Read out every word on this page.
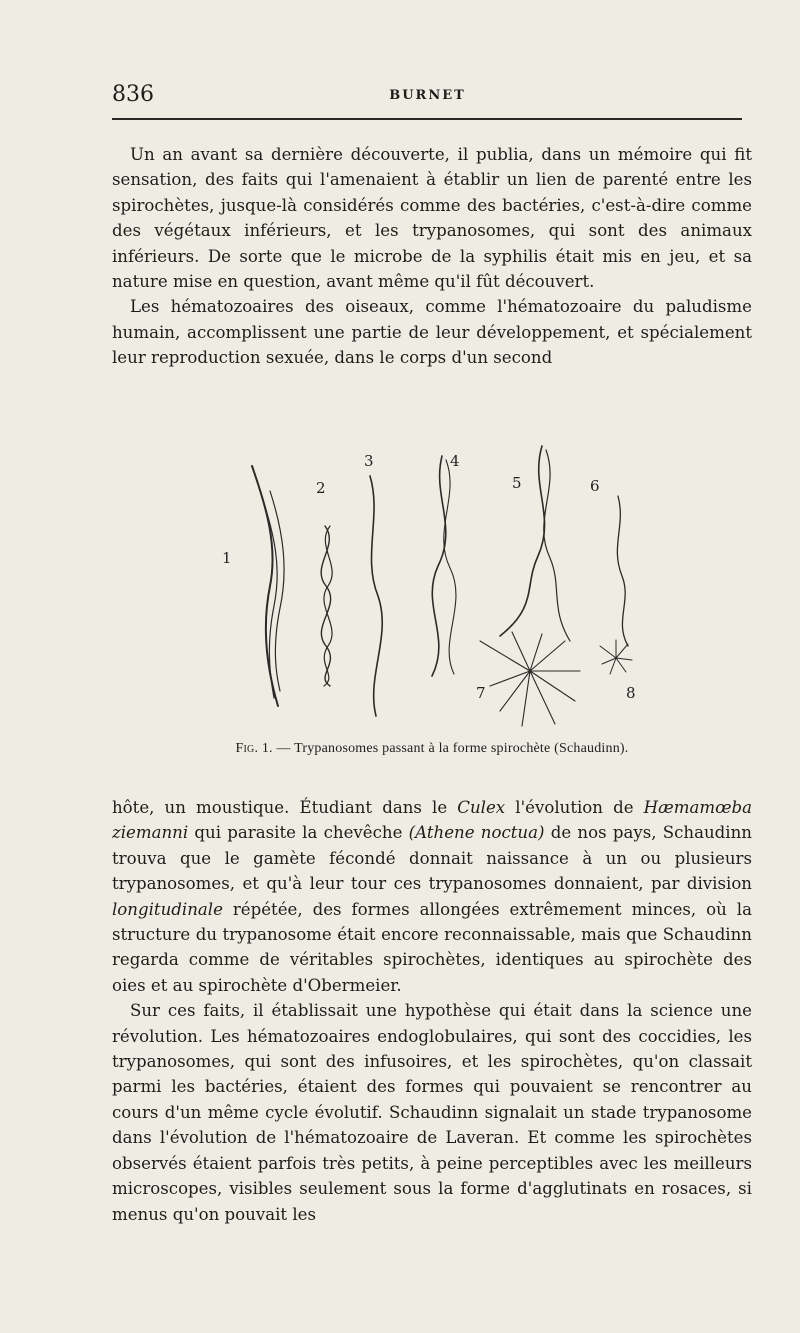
836	BURNET

Un an avant sa dernière découverte, il publia, dans un mémoire qui fit sensation, des faits qui l'amenaient à établir un lien de parenté entre les spirochètes, jusque-là considérés comme des bactéries, c'est-à-dire comme des végétaux inférieurs, et les trypanosomes, qui sont des animaux inférieurs. De sorte que le microbe de la syphilis était mis en jeu, et sa nature mise en question, avant même qu'il fût découvert.

Les hématozoaires des oiseaux, comme l'hématozoaire du paludisme humain, accomplissent une partie de leur développement, et spécialement leur reproduction sexuée, dans le corps d'un second

1
2
3	4
5	6
7	8
Fig. 1. — Trypanosomes passant à la forme spirochète (Schaudinn).

hôte, un moustique. Étudiant dans le Culex l'évolution de Hæmamœba ziemanni qui parasite la chevêche (Athene noctua) de nos pays, Schaudinn trouva que le gamète fécondé donnait naissance à un ou plusieurs trypanosomes, et qu'à leur tour ces trypanosomes donnaient, par division longitudinale répétée, des formes allongées extrêmement minces, où la structure du trypanosome était encore reconnaissable, mais que Schaudinn regarda comme de véritables spirochètes, identiques au spirochète des oies et au spirochète d'Obermeier.

Sur ces faits, il établissait une hypothèse qui était dans la science une révolution. Les hématozoaires endoglobulaires, qui sont des coccidies, les trypanosomes, qui sont des infusoires, et les spirochètes, qu'on classait parmi les bactéries, étaient des formes qui pouvaient se rencontrer au cours d'un même cycle évolutif. Schaudinn signalait un stade trypanosome dans l'évolution de l'hématozoaire de Laveran. Et comme les spirochètes observés étaient parfois très petits, à peine perceptibles avec les meilleurs microscopes, visibles seulement sous la forme d'agglutinats en rosaces, si menus qu'on pouvait les
